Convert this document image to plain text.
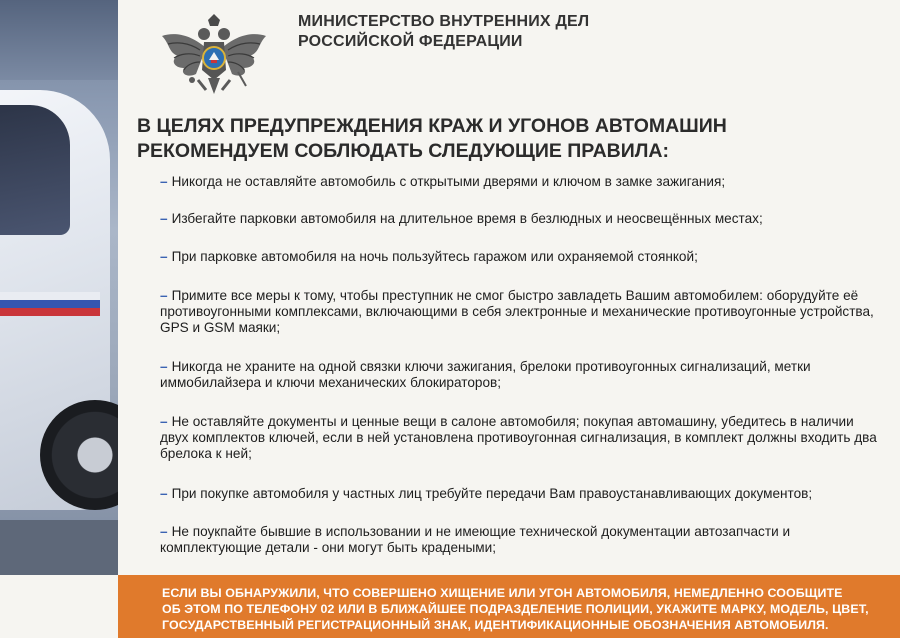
МИНИСТЕРСТВО ВНУТРЕННИХ ДЕЛ
РОССИЙСКОЙ ФЕДЕРАЦИИ
В ЦЕЛЯХ ПРЕДУПРЕЖДЕНИЯ КРАЖ И УГОНОВ АВТОМАШИН
РЕКОМЕНДУЕМ СОБЛЮДАТЬ СЛЕДУЮЩИЕ ПРАВИЛА:
– Никогда не оставляйте автомобиль с открытыми дверями и ключом в замке зажигания;
– Избегайте парковки автомобиля на длительное время в безлюдных и неосвещённых местах;
– При парковке автомобиля на ночь пользуйтесь гаражом или охраняемой стоянкой;
– Примите все меры к тому, чтобы преступник не смог быстро завладеть Вашим автомобилем: оборудуйте её противоугонными комплексами, включающими в себя электронные и механические противоугонные устройства, GPS и GSM маяки;
– Никогда не храните на одной связки ключи зажигания, брелоки противоугонных сигнализаций, метки иммобилайзера и ключи механических блокираторов;
– Не оставляйте документы и ценные вещи в салоне автомобиля; покупая автомашину, убедитесь в наличии двух комплектов ключей, если в ней установлена противоугонная сигнализация, в комплект должны входить два брелока к ней;
– При покупке автомобиля у частных лиц требуйте передачи Вам правоустанавливающих документов;
– Не поукпайте бывшие в использовании и не имеющие технической документации автозапчасти и комплектующие детали - они могут быть крадеными;
ЕСЛИ ВЫ ОБНАРУЖИЛИ, ЧТО СОВЕРШЕНО ХИЩЕНИЕ ИЛИ УГОН АВТОМОБИЛЯ, НЕМЕДЛЕННО СООБЩИТЕ
ОБ ЭТОМ ПО ТЕЛЕФОНУ 02 ИЛИ В БЛИЖАЙШЕЕ ПОДРАЗДЕЛЕНИЕ ПОЛИЦИИ, УКАЖИТЕ МАРКУ, МОДЕЛЬ, ЦВЕТ,
ГОСУДАРСТВЕННЫЙ РЕГИСТРАЦИОННЫЙ ЗНАК, ИДЕНТИФИКАЦИОННЫЕ ОБОЗНАЧЕНИЯ АВТОМОБИЛЯ.
